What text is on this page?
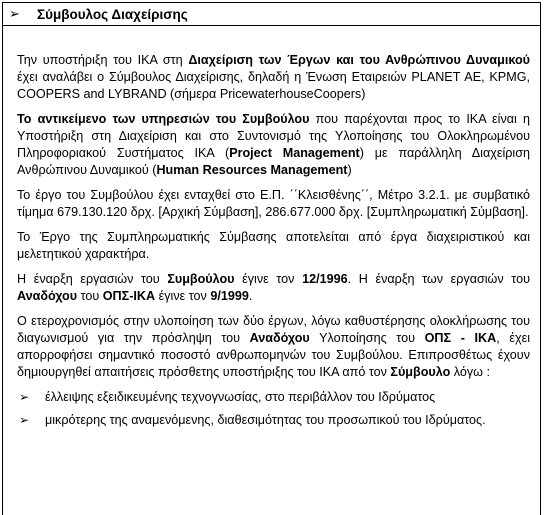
➢	Σύμβουλος Διαχείρισης

Την υποστήριξη του ΙΚΑ στη Διαχείριση των Έργων και του Ανθρώπινου Δυναμικού έχει αναλάβει ο Σύμβουλος Διαχείρισης, δηλαδή η Ένωση Εταιρειών PLANET AE, KPMG, COOPERS and LYBRAND (σήμερα PricewaterhouseCoopers)

Το αντικείμενο των υπηρεσιών του Συμβούλου που παρέχονται προς το ΙΚΑ είναι η Υποστήριξη στη Διαχείριση και στο Συντονισμό της Υλοποίησης του Ολοκληρωμένου Πληροφοριακού Συστήματος ΙΚΑ (Project Management) με παράλληλη Διαχείριση Ανθρώπινου Δυναμικού (Human Resources Management)

Το έργο του Συμβούλου έχει ενταχθεί στο Ε.Π. ΄΄Κλεισθένης΄΄, Μέτρο 3.2.1. με συμβατικό τίμημα 679.130.120 δρχ. [Αρχική Σύμβαση], 286.677.000 δρχ. [Συμπληρωματική Σύμβαση].

Το Έργο της Συμπληρωματικής Σύμβασης αποτελείται από έργα διαχειριστικού και μελετητικού χαρακτήρα.

Η έναρξη εργασιών του Συμβούλου έγινε τον 12/1996. Η έναρξη των εργασιών του Αναδόχου του ΟΠΣ-ΙΚΑ έγινε τον 9/1999.

Ο ετεροχρονισμός στην υλοποίηση των δύο έργων, λόγω καθυστέρησης ολοκλήρωσης του διαγωνισμού για την πρόσληψη του Αναδόχου Υλοποίησης του ΟΠΣ - ΙΚΑ, έχει απορροφήσει σημαντικό ποσοστό ανθρωπομηνών του Συμβούλου. Επιπροσθέτως έχουν δημιουργηθεί απαιτήσεις πρόσθετης υποστήριξης του ΙΚΑ από τον Σύμβουλο λόγω :

➢	έλλειψης εξειδικευμένης τεχνογνωσίας, στο περιβάλλον του Ιδρύματος
➢	μικρότερης της αναμενόμενης, διαθεσιμότητας του προσωπικού του Ιδρύματος.
